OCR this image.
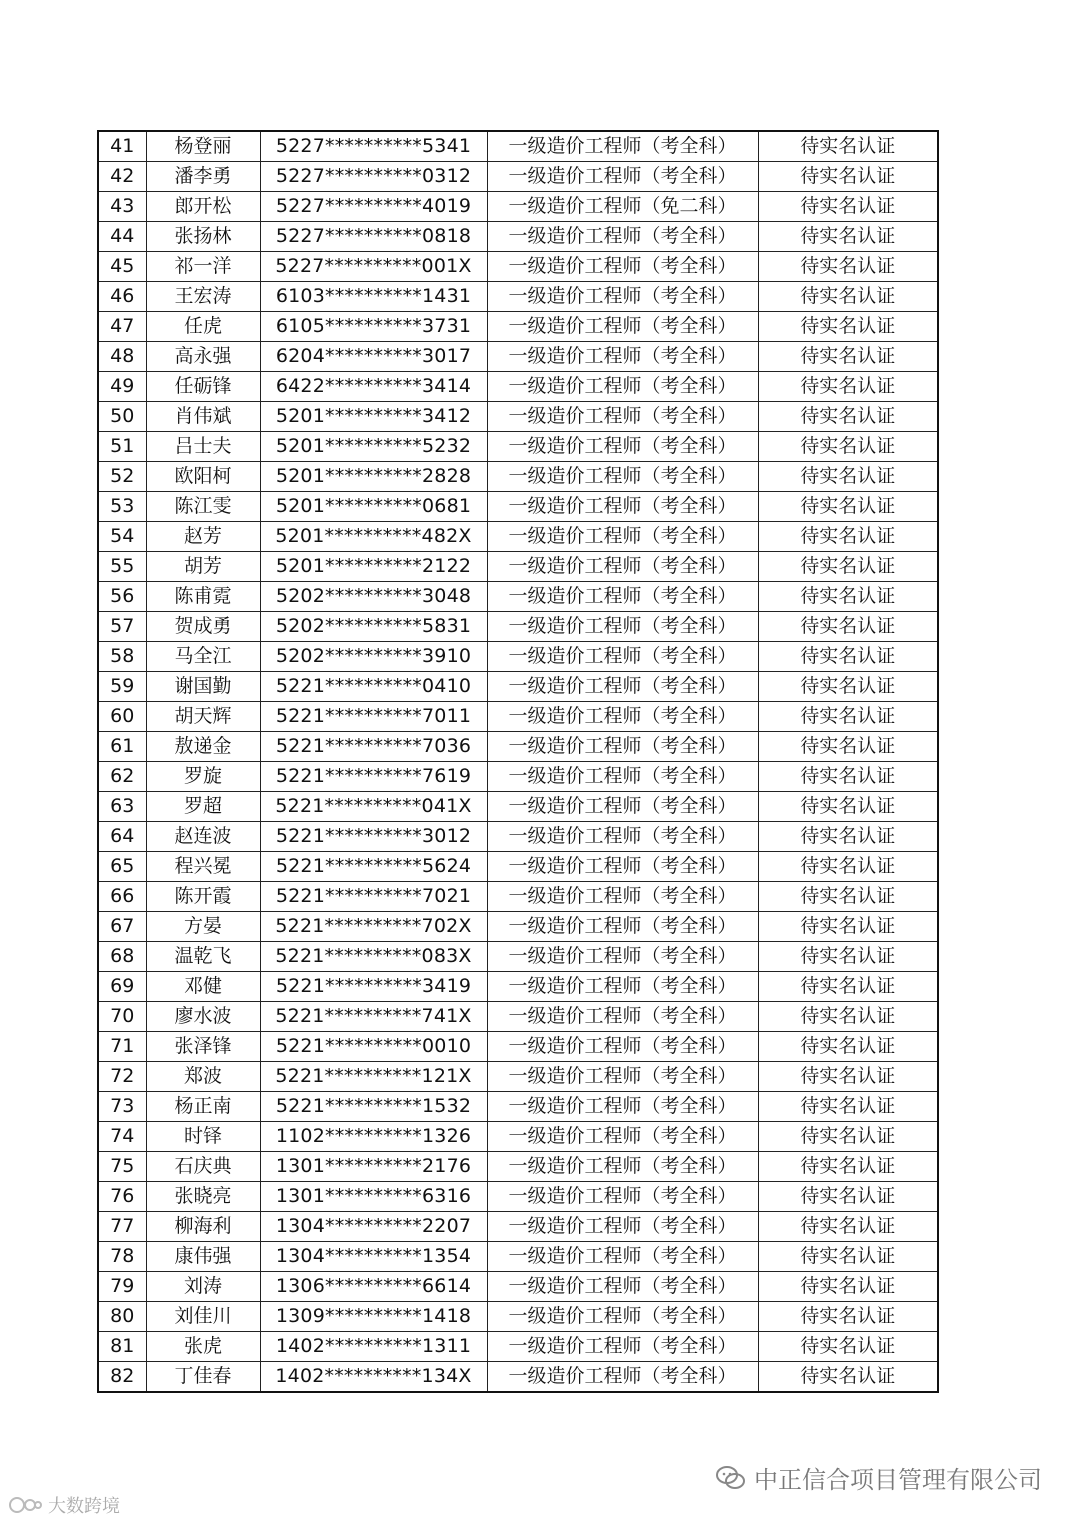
41	杨登丽	5227**********5341	一级造价工程师（考全科）	待实名认证
42	潘李勇	5227**********0312	一级造价工程师（考全科）	待实名认证
43	郎开松	5227**********4019	一级造价工程师（免二科）	待实名认证
44	张扬林	5227**********0818	一级造价工程师（考全科）	待实名认证
45	祁一洋	5227**********001X	一级造价工程师（考全科）	待实名认证
46	王宏涛	6103**********1431	一级造价工程师（考全科）	待实名认证
47	任虎	6105**********3731	一级造价工程师（考全科）	待实名认证
48	高永强	6204**********3017	一级造价工程师（考全科）	待实名认证
49	任砺锋	6422**********3414	一级造价工程师（考全科）	待实名认证
50	肖伟斌	5201**********3412	一级造价工程师（考全科）	待实名认证
51	吕士夫	5201**********5232	一级造价工程师（考全科）	待实名认证
52	欧阳柯	5201**********2828	一级造价工程师（考全科）	待实名认证
53	陈江雯	5201**********0681	一级造价工程师（考全科）	待实名认证
54	赵芳	5201**********482X	一级造价工程师（考全科）	待实名认证
55	胡芳	5201**********2122	一级造价工程师（考全科）	待实名认证
56	陈甫霓	5202**********3048	一级造价工程师（考全科）	待实名认证
57	贺成勇	5202**********5831	一级造价工程师（考全科）	待实名认证
58	马全江	5202**********3910	一级造价工程师（考全科）	待实名认证
59	谢国勤	5221**********0410	一级造价工程师（考全科）	待实名认证
60	胡天辉	5221**********7011	一级造价工程师（考全科）	待实名认证
61	敖递金	5221**********7036	一级造价工程师（考全科）	待实名认证
62	罗旋	5221**********7619	一级造价工程师（考全科）	待实名认证
63	罗超	5221**********041X	一级造价工程师（考全科）	待实名认证
64	赵连波	5221**********3012	一级造价工程师（考全科）	待实名认证
65	程兴冕	5221**********5624	一级造价工程师（考全科）	待实名认证
66	陈开霞	5221**********7021	一级造价工程师（考全科）	待实名认证
67	方晏	5221**********702X	一级造价工程师（考全科）	待实名认证
68	温乾飞	5221**********083X	一级造价工程师（考全科）	待实名认证
69	邓健	5221**********3419	一级造价工程师（考全科）	待实名认证
70	廖水波	5221**********741X	一级造价工程师（考全科）	待实名认证
71	张泽锋	5221**********0010	一级造价工程师（考全科）	待实名认证
72	郑波	5221**********121X	一级造价工程师（考全科）	待实名认证
73	杨正南	5221**********1532	一级造价工程师（考全科）	待实名认证
74	时铎	1102**********1326	一级造价工程师（考全科）	待实名认证
75	石庆典	1301**********2176	一级造价工程师（考全科）	待实名认证
76	张晓亮	1301**********6316	一级造价工程师（考全科）	待实名认证
77	柳海利	1304**********2207	一级造价工程师（考全科）	待实名认证
78	康伟强	1304**********1354	一级造价工程师（考全科）	待实名认证
79	刘涛	1306**********6614	一级造价工程师（考全科）	待实名认证
80	刘佳川	1309**********1418	一级造价工程师（考全科）	待实名认证
81	张虎	1402**********1311	一级造价工程师（考全科）	待实名认证
82	丁佳春	1402**********134X	一级造价工程师（考全科）	待实名认证
中正信合项目管理有限公司
大数跨境
